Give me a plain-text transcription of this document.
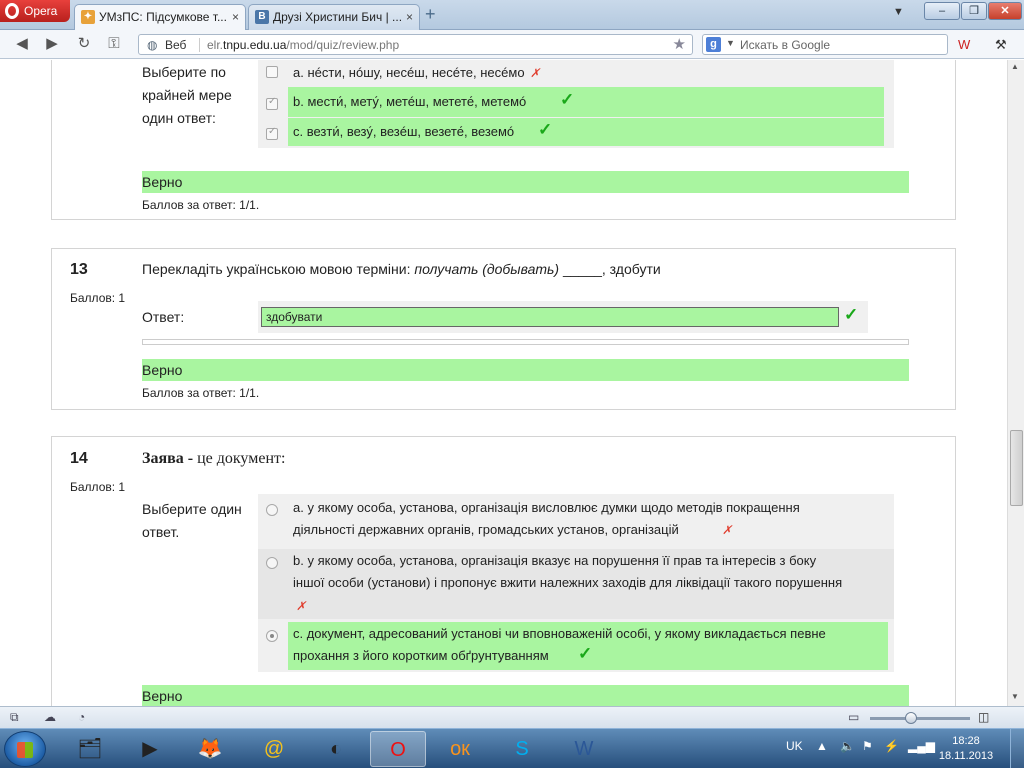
Opera	✦ УМзПС: Підсумкове т... ×	B Друзі Христини Бич | ... × +	▼	–	❐	✕
◀ ▶ ↻ ⚿	◍ Веб elr.tnpu.edu.ua/mod/quiz/review.php	★	g	▼ Искать в Google	W ⚒
Выберите по крайней мере один ответ:
a. нéсти, нóшу, несéш, несéте, несéмо ✗
b. мести́, мету́, метéш, метете́, метемó ✓
✓
c. везти́, везу́, везéш, везете́, веземó ✓
✓
Верно
Баллов за ответ: 1/1.
13
Баллов: 1
Перекладіть українською мовою терміни: получать (добывать) _____, здобути
Ответ:	здобувати	✓
Верно
Баллов за ответ: 1/1.
14
Баллов: 1
Заява - це документ:
Выберите один ответ.
a. у якому особа, установа, організація висловлює думки щодо методів покращення
діяльності державних органів, громадських установ, організацій	✗
b. у якому особа, установа, організація вказує на порушення її прав та інтересів з боку
іншої особи (установи) і пропонує вжити належних заходів для ліквідації такого порушення
✗
c. документ, адресований установі чи вповноваженій особі, у якому викладається певне
прохання з його коротким обґрунтуванням ✓
Верно
▲
▼
⧉ ☁ ◔	▭	◫
🗂	▶	🦊	@	◐	O	ок	S	W	UK ▲ 🔈 ⚑ ⚡ ▂▄▆	18:28
18.11.2013
